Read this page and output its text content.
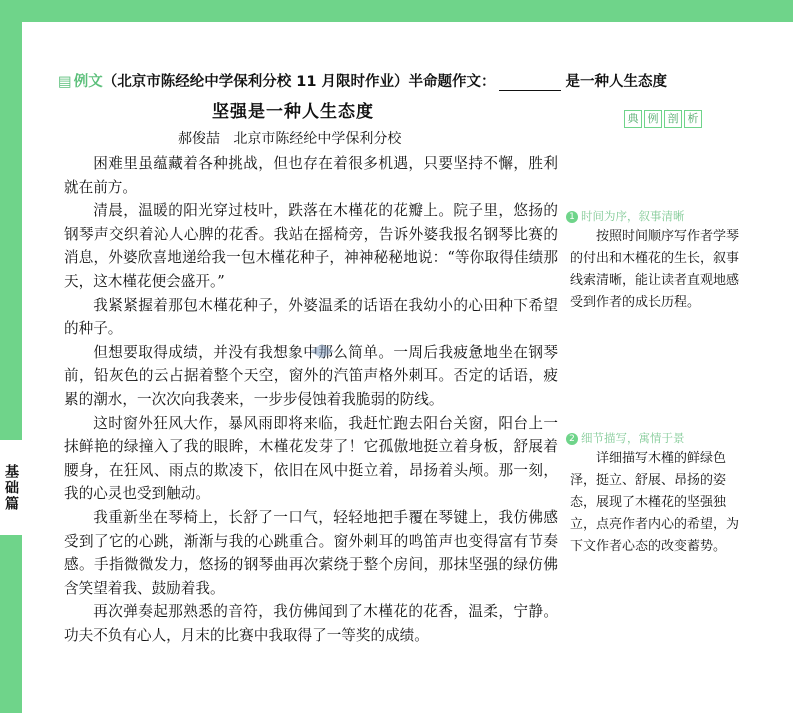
基础篇
▤ 例文（北京市陈经纶中学保利分校 11 月限时作业）半命题作文：	是一种人生态度
坚强是一种人生态度
郝俊喆   北京市陈经纶中学保利分校
典 例 剖 析

困难里虽蕴藏着各种挑战，但也存在着很多机遇，只要坚持不懈，胜利就在前方。

清晨，温暖的阳光穿过枝叶，跌落在木槿花的花瓣上。院子里，悠扬的钢琴声交织着沁人心脾的花香。我站在摇椅旁，告诉外婆我报名钢琴比赛的消息，外婆欣喜地递给我一包木槿花种子，神神秘秘地说：“等你取得佳绩那天，这木槿花便会盛开。”

我紧紧握着那包木槿花种子，外婆温柔的话语在我幼小的心田种下希望的种子。

但想要取得成绩，并没有我想象中那么简单。一周后我疲惫地坐在钢琴前，铅灰色的云占据着整个天空，窗外的汽笛声格外刺耳。否定的话语，疲累的潮水，一次次向我袭来，一步步侵蚀着我脆弱的防线。

这时窗外狂风大作，暴风雨即将来临，我赶忙跑去阳台关窗，阳台上一抹鲜艳的绿撞入了我的眼眸，木槿花发芽了！它孤傲地挺立着身板，舒展着腰身，在狂风、雨点的欺凌下，依旧在风中挺立着，昂扬着头颅。那一刻，我的心灵也受到触动。

我重新坐在琴椅上，长舒了一口气，轻轻地把手覆在琴键上，我仿佛感受到了它的心跳，渐渐与我的心跳重合。窗外刺耳的鸣笛声也变得富有节奏感。手指微微发力，悠扬的钢琴曲再次萦绕于整个房间，那抹坚强的绿仿佛含笑望着我、鼓励着我。

再次弹奏起那熟悉的音符，我仿佛闻到了木槿花的花香，温柔，宁静。功夫不负有心人，月末的比赛中我取得了一等奖的成绩。

1 时间为序，叙事清晰
按照时间顺序写作者学琴的付出和木槿花的生长，叙事线索清晰，能让读者直观地感受到作者的成长历程。
2 细节描写，寓情于景
详细描写木槿的鲜绿色泽，挺立、舒展、昂扬的姿态，展现了木槿花的坚强独立，点亮作者内心的希望，为下文作者心态的改变蓄势。
